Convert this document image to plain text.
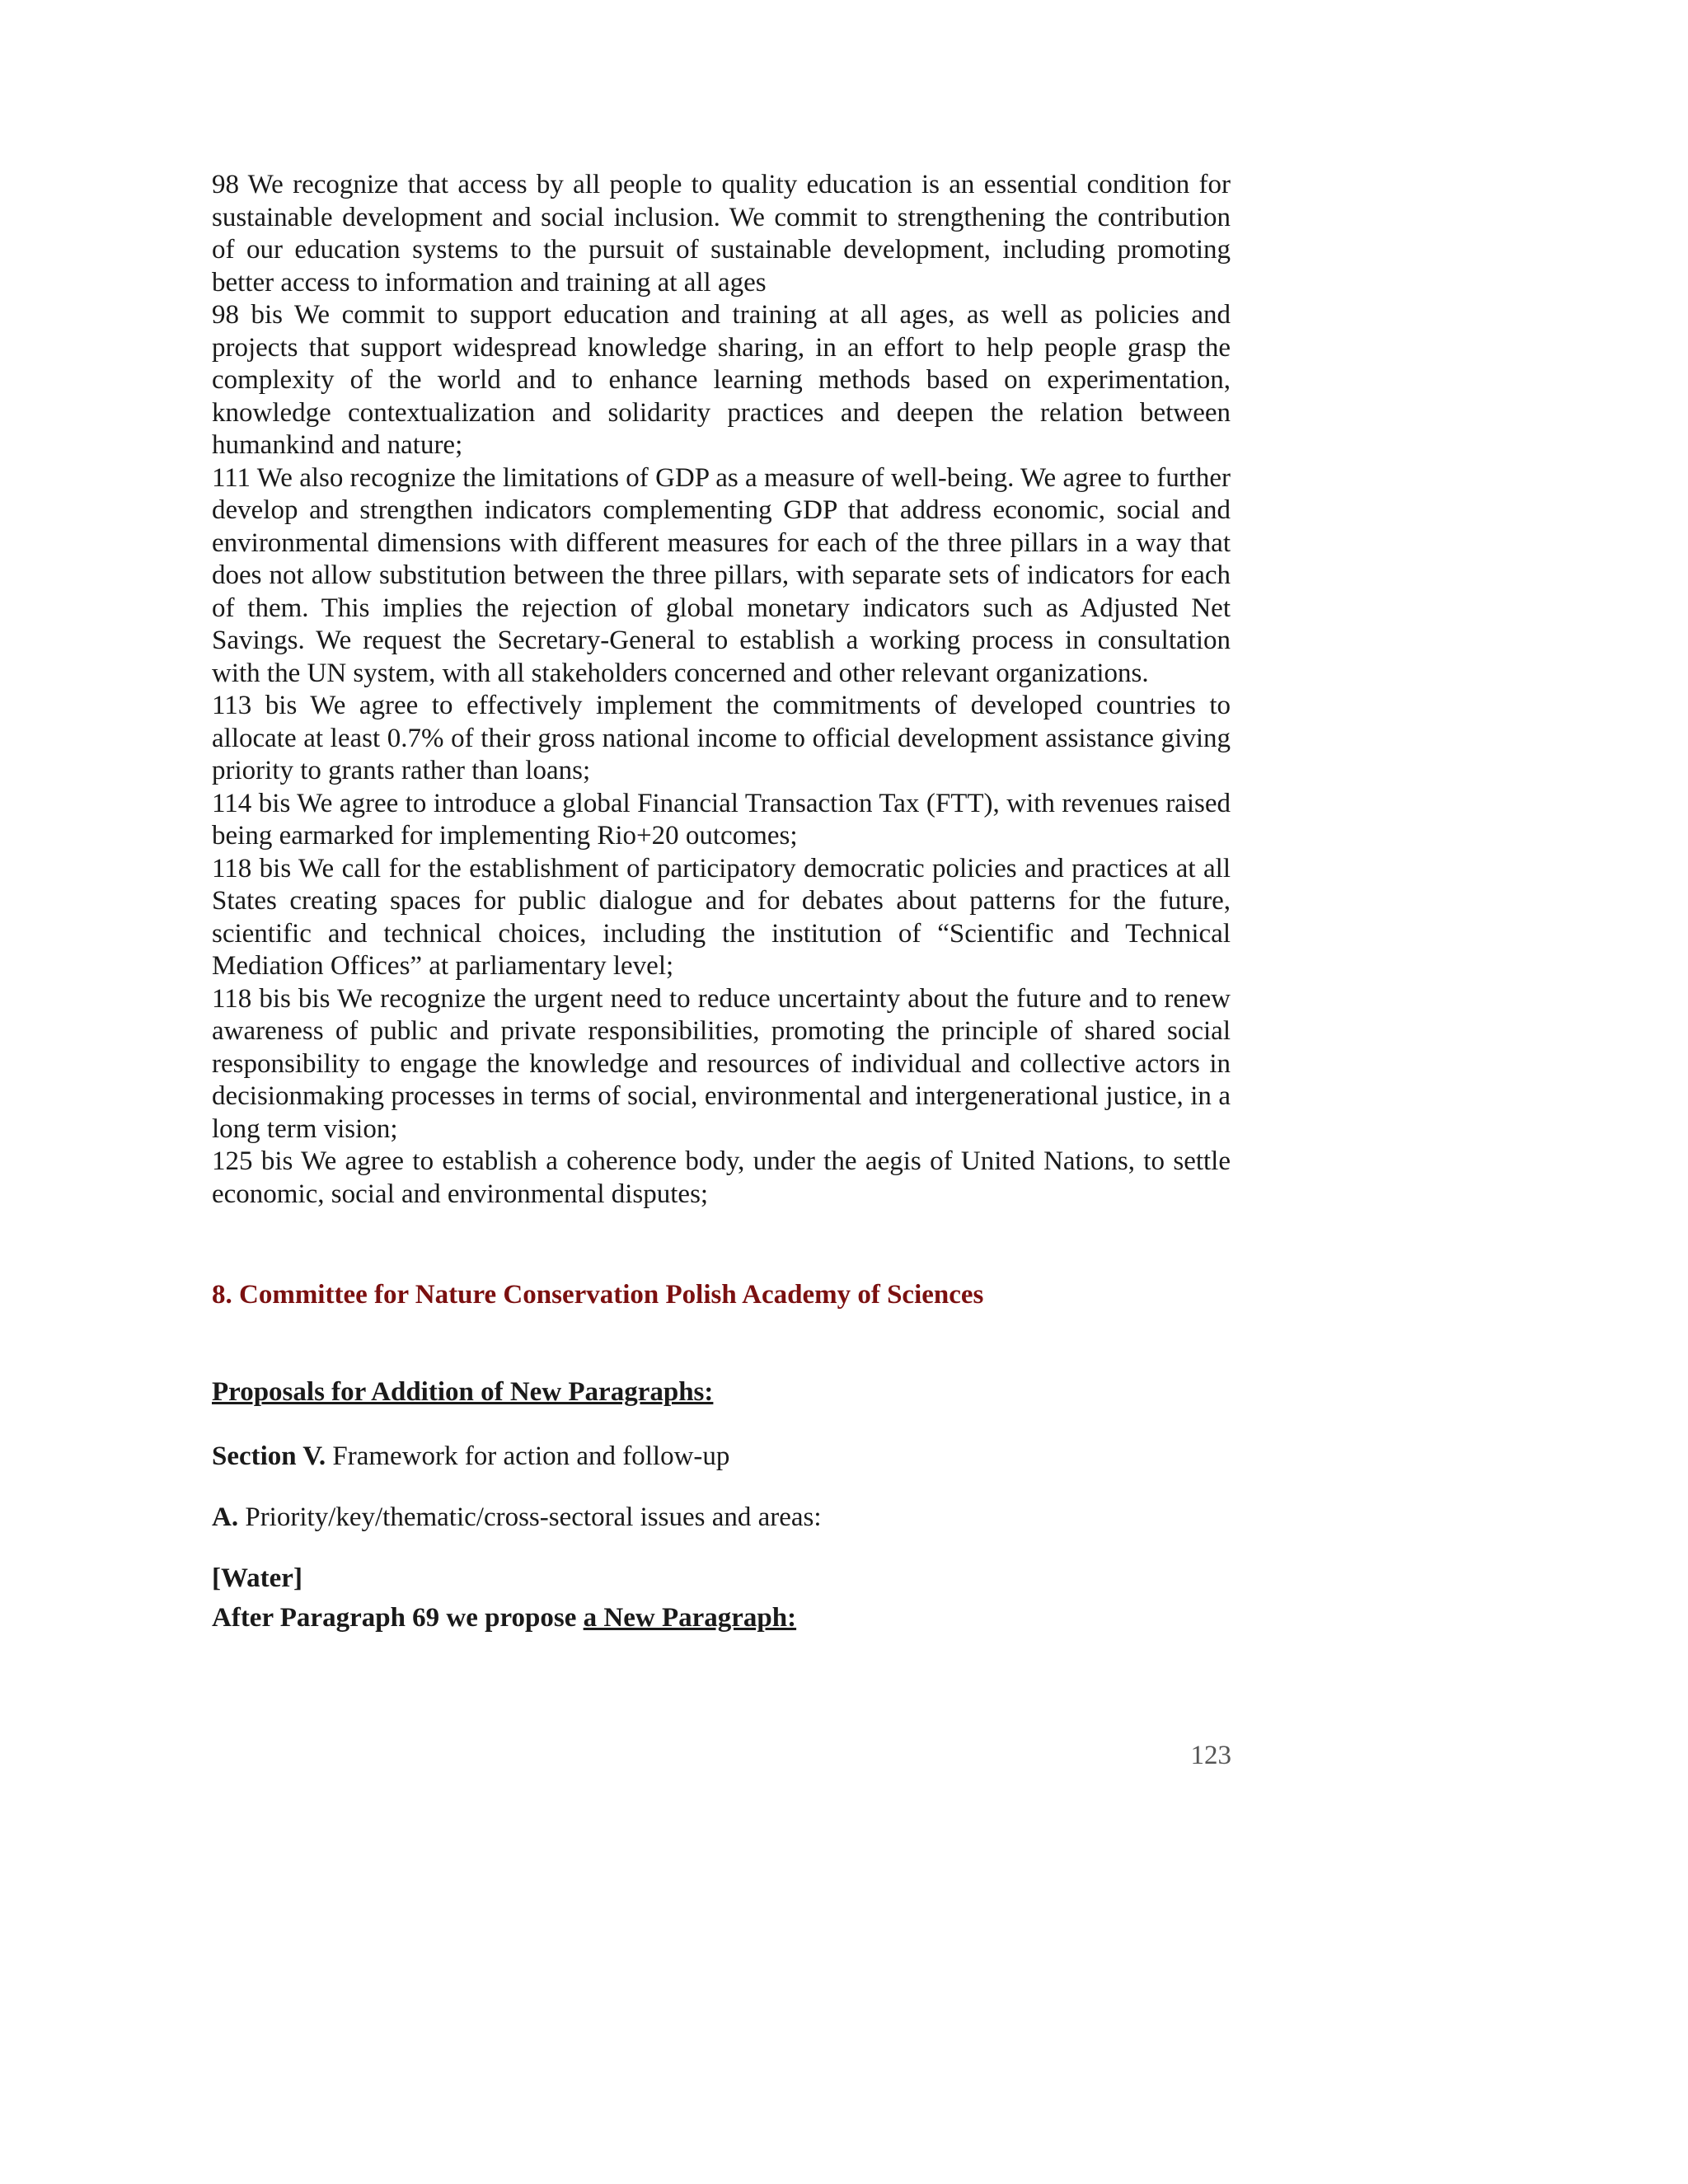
98 We recognize that access by all people to quality education is an essential condition for sustainable development and social inclusion. We commit to strengthening the contribution of our education systems to the pursuit of sustainable development, including promoting better access to information and training at all ages

98 bis We commit to support education and training at all ages, as well as policies and projects that support widespread knowledge sharing, in an effort to help people grasp the complexity of the world and to enhance learning methods based on experimentation, knowledge contextualization and solidarity practices and deepen the relation between humankind and nature;

111 We also recognize the limitations of GDP as a measure of well-being. We agree to further develop and strengthen indicators complementing GDP that address economic, social and environmental dimensions with different measures for each of the three pillars in a way that does not allow substitution between the three pillars, with separate sets of indicators for each of them. This implies the rejection of global monetary indicators such as Adjusted Net Savings. We request the Secretary-General to establish a working process in consultation with the UN system, with all stakeholders concerned and other relevant organizations.

113 bis We agree to effectively implement the commitments of developed countries to allocate at least 0.7% of their gross national income to official development assistance giving priority to grants rather than loans;

114 bis We agree to introduce a global Financial Transaction Tax (FTT), with revenues raised being earmarked for implementing Rio+20 outcomes;

118 bis We call for the establishment of participatory democratic policies and practices at all States creating spaces for public dialogue and for debates about patterns for the future, scientific and technical choices, including the institution of “Scientific and Technical Mediation Offices” at parliamentary level;

118 bis bis We recognize the urgent need to reduce uncertainty about the future and to renew awareness of public and private responsibilities, promoting the principle of shared social responsibility to engage the knowledge and resources of individual and collective actors in decisionmaking processes in terms of social, environmental and intergenerational justice, in a long term vision;

125 bis We agree to establish a coherence body, under the aegis of United Nations, to settle economic, social and environmental disputes;

8. Committee for Nature Conservation Polish Academy of Sciences

Proposals for Addition of New Paragraphs:

Section V. Framework for action and follow-up

A. Priority/key/thematic/cross-sectoral issues and areas:

[Water]

After Paragraph 69 we propose a New Paragraph:

123
